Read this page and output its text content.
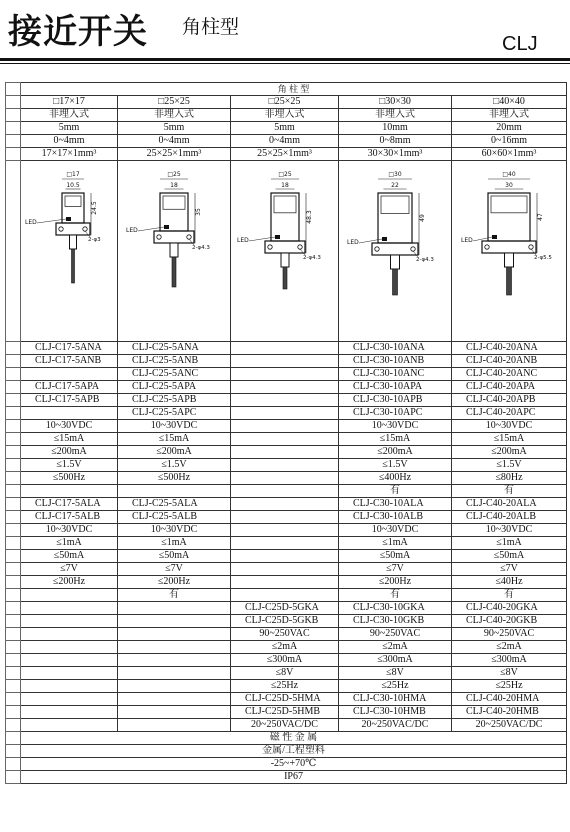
接近开关 角柱型
CLJ
	角 柱 型				
	□17×17	□25×25	□25×25	□30×30	□40×40
	非埋入式	非埋入式	非埋入式	非埋入式	非埋入式
	5mm	5mm	5mm	10mm	20mm
	0~4mm	0~4mm	0~4mm	0~8mm	0~16mm
	17×17×1mm³	25×25×1mm³	25×25×1mm³	30×30×1mm³	60×60×1mm³

□17
10.5
24.5
LED
2-φ3	□25
18
35
LED
2-φ4.3	□25
18
48.3
LED
2-φ4.3	□30
22
49
LED
2-φ4.3	□40
30
47
LED
2-φ5.5

	CLJ-C17-5ANA	CLJ-C25-5ANA		CLJ-C30-10ANA	CLJ-C40-20ANA
	CLJ-C17-5ANB	CLJ-C25-5ANB		CLJ-C30-10ANB	CLJ-C40-20ANB
		CLJ-C25-5ANC		CLJ-C30-10ANC	CLJ-C40-20ANC
	CLJ-C17-5APA	CLJ-C25-5APA		CLJ-C30-10APA	CLJ-C40-20APA
	CLJ-C17-5APB	CLJ-C25-5APB		CLJ-C30-10APB	CLJ-C40-20APB
		CLJ-C25-5APC		CLJ-C30-10APC	CLJ-C40-20APC
	10~30VDC	10~30VDC		10~30VDC	10~30VDC
	≤15mA	≤15mA		≤15mA	≤15mA
	≤200mA	≤200mA		≤200mA	≤200mA
	≤1.5V	≤1.5V		≤1.5V	≤1.5V
	≤500Hz	≤500Hz		≤400Hz	≤80Hz
				有	有
	CLJ-C17-5ALA	CLJ-C25-5ALA		CLJ-C30-10ALA	CLJ-C40-20ALA
	CLJ-C17-5ALB	CLJ-C25-5ALB		CLJ-C30-10ALB	CLJ-C40-20ALB
	10~30VDC	10~30VDC		10~30VDC	10~30VDC
	≤1mA	≤1mA		≤1mA	≤1mA
	≤50mA	≤50mA		≤50mA	≤50mA
	≤7V	≤7V		≤7V	≤7V
	≤200Hz	≤200Hz		≤200Hz	≤40Hz
		有		有	有
			CLJ-C25D-5GKA	CLJ-C30-10GKA	CLJ-C40-20GKA
			CLJ-C25D-5GKB	CLJ-C30-10GKB	CLJ-C40-20GKB
			90~250VAC	90~250VAC	90~250VAC
			≤2mA	≤2mA	≤2mA
			≤300mA	≤300mA	≤300mA
			≤8V	≤8V	≤8V
			≤25Hz	≤25Hz	≤25Hz
			CLJ-C25D-5HMA	CLJ-C30-10HMA	CLJ-C40-20HMA
			CLJ-C25D-5HMB	CLJ-C30-10HMB	CLJ-C40-20HMB
			20~250VAC/DC	20~250VAC/DC	20~250VAC/DC
	磁 性 金 属				
	金属/工程塑料				
	-25~+70℃				
	IP67				
